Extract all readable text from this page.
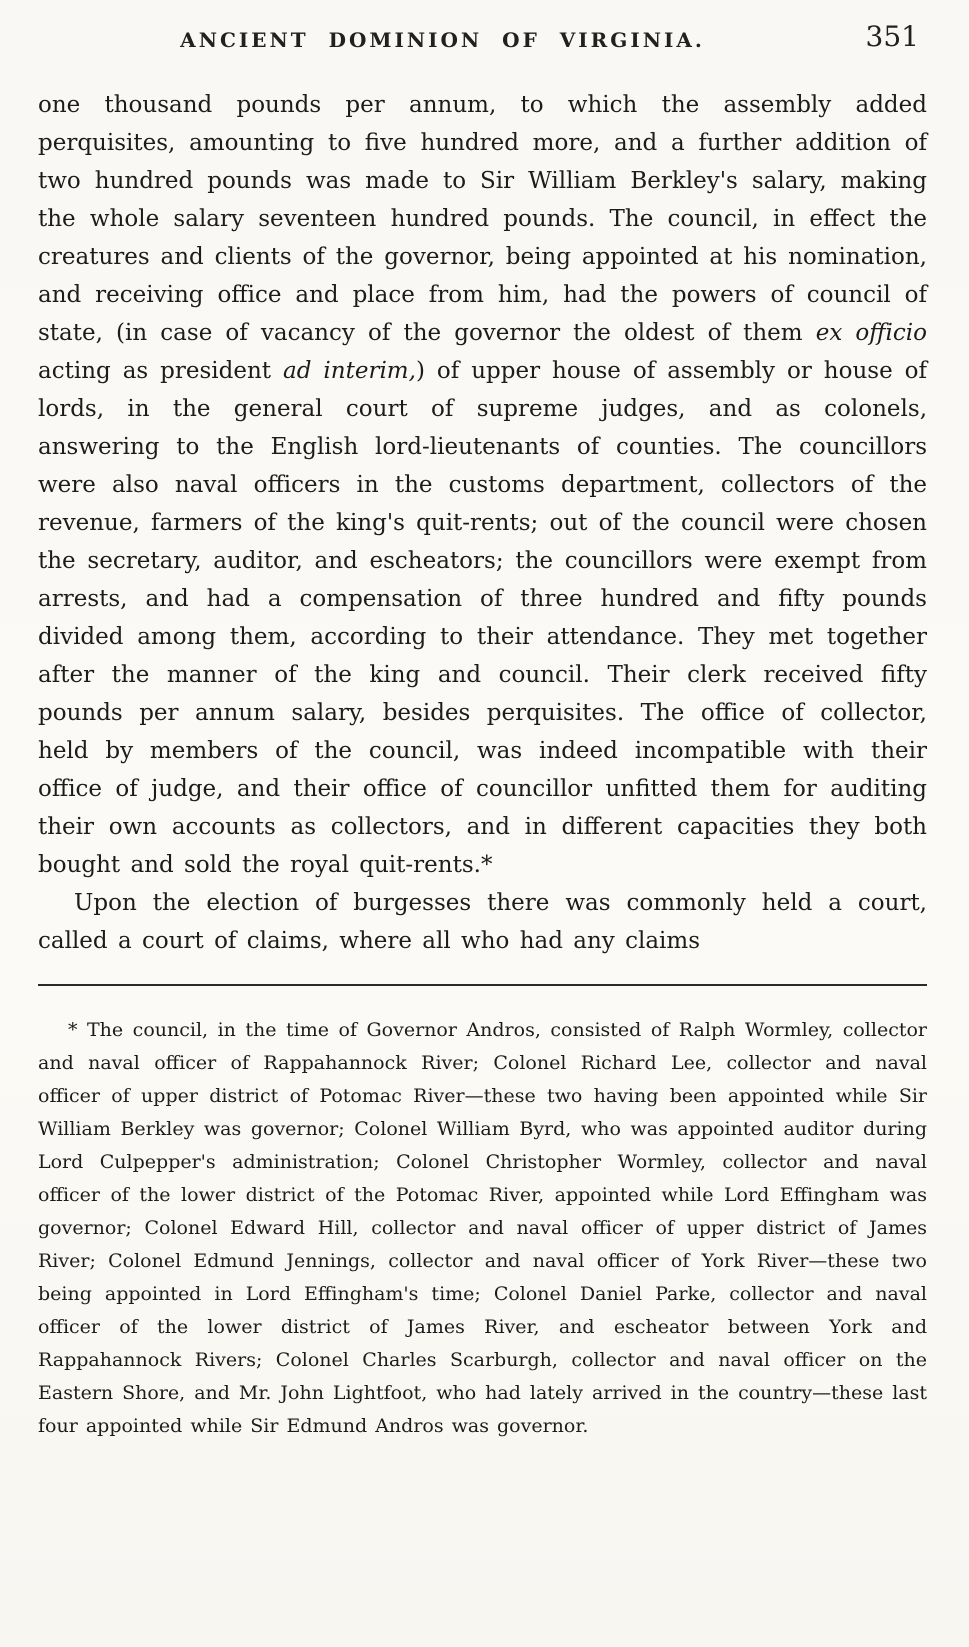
ANCIENT DOMINION OF VIRGINIA.	351

one thousand pounds per annum, to which the assembly added perquisites, amounting to five hundred more, and a further addition of two hundred pounds was made to Sir William Berkley's salary, making the whole salary seventeen hundred pounds. The council, in effect the creatures and clients of the governor, being appointed at his nomination, and receiving office and place from him, had the powers of council of state, (in case of vacancy of the governor the oldest of them ex officio acting as president ad interim,) of upper house of assembly or house of lords, in the general court of supreme judges, and as colonels, answering to the English lord-lieutenants of counties. The councillors were also naval officers in the customs department, collectors of the revenue, farmers of the king's quit-rents; out of the council were chosen the secretary, auditor, and escheators; the councillors were exempt from arrests, and had a compensation of three hundred and fifty pounds divided among them, according to their attendance. They met together after the manner of the king and council. Their clerk received fifty pounds per annum salary, besides perquisites. The office of collector, held by members of the council, was indeed incompatible with their office of judge, and their office of councillor unfitted them for auditing their own accounts as collectors, and in different capacities they both bought and sold the royal quit-rents.*

Upon the election of burgesses there was commonly held a court, called a court of claims, where all who had any claims

* The council, in the time of Governor Andros, consisted of Ralph Wormley, collector and naval officer of Rappahannock River; Colonel Richard Lee, collector and naval officer of upper district of Potomac River—these two having been appointed while Sir William Berkley was governor; Colonel William Byrd, who was appointed auditor during Lord Culpepper's administration; Colonel Christopher Wormley, collector and naval officer of the lower district of the Potomac River, appointed while Lord Effingham was governor; Colonel Edward Hill, collector and naval officer of upper district of James River; Colonel Edmund Jennings, collector and naval officer of York River—these two being appointed in Lord Effingham's time; Colonel Daniel Parke, collector and naval officer of the lower district of James River, and escheator between York and Rappahannock Rivers; Colonel Charles Scarburgh, collector and naval officer on the Eastern Shore, and Mr. John Lightfoot, who had lately arrived in the country—these last four appointed while Sir Edmund Andros was governor.
